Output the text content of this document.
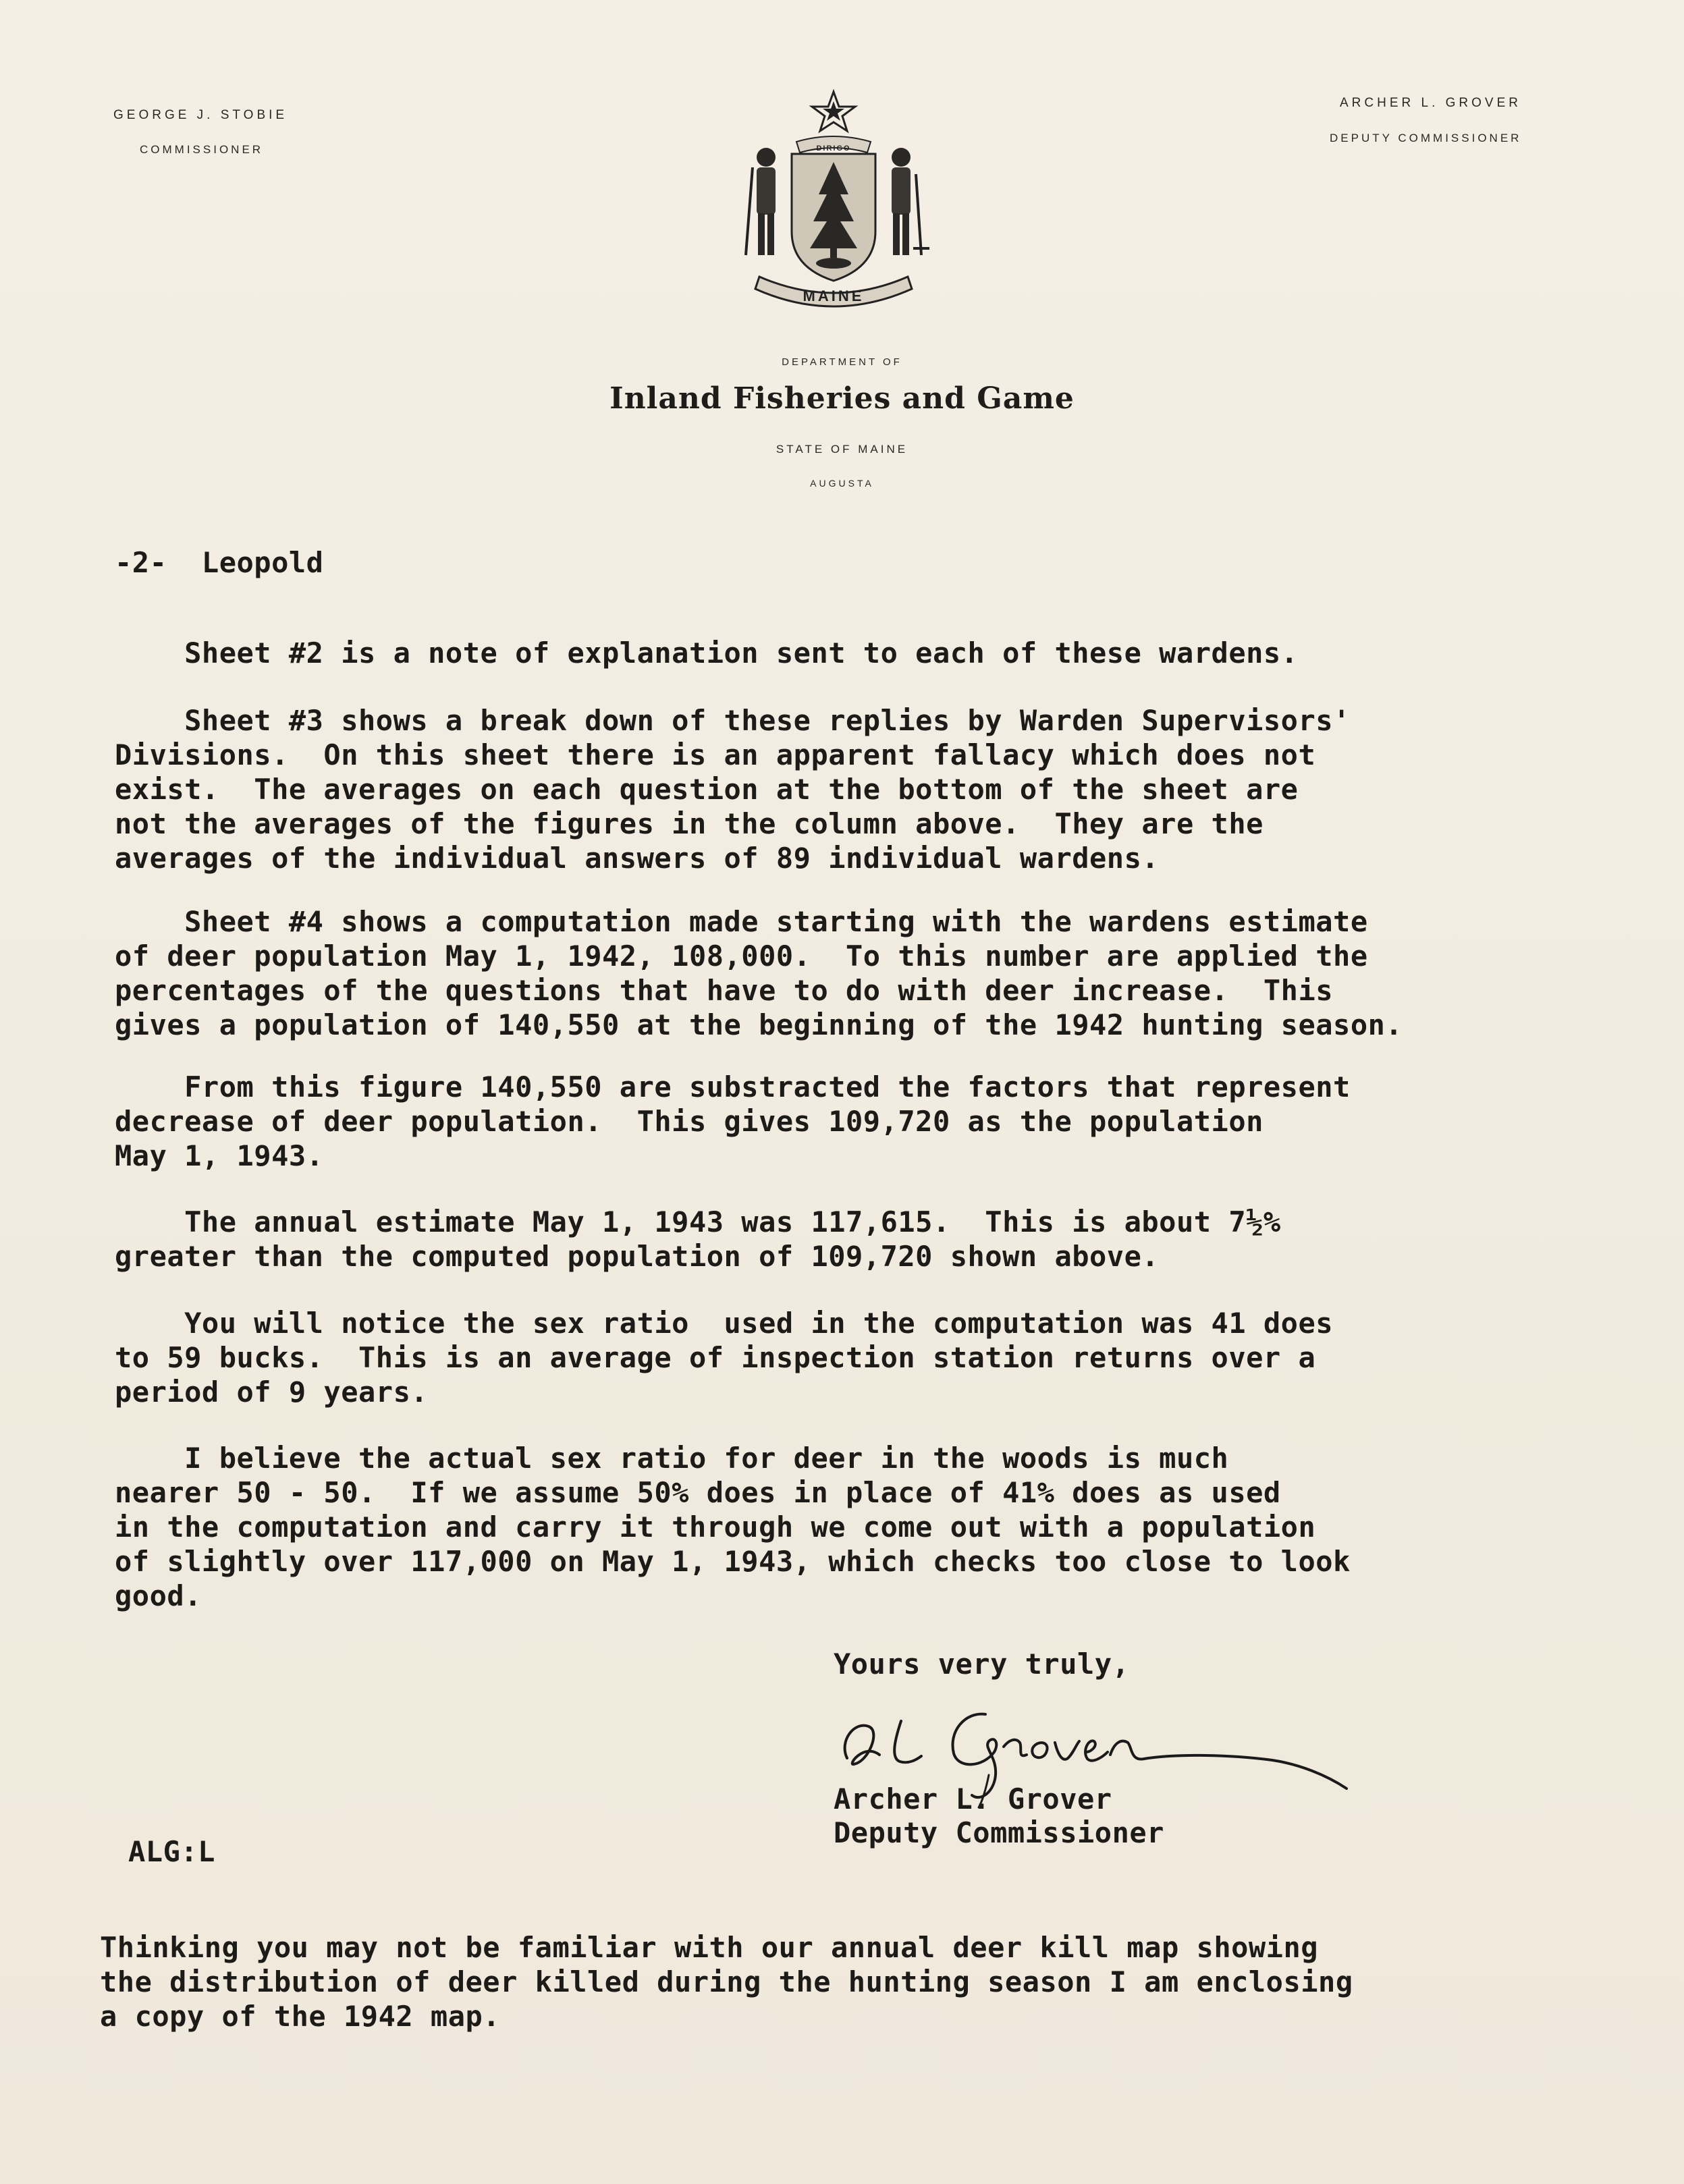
GEORGE J. STOBIE
COMMISSIONER
ARCHER L. GROVER
DEPUTY COMMISSIONER
MAINE
DIRIGO
DEPARTMENT OF
Inland Fisheries and Game
STATE OF MAINE
AUGUSTA
-2-  Leopold
Sheet #2 is a note of explanation sent to each of these wardens.
Sheet #3 shows a break down of these replies by Warden Supervisors'
Divisions.  On this sheet there is an apparent fallacy which does not
exist.  The averages on each question at the bottom of the sheet are
not the averages of the figures in the column above.  They are the
averages of the individual answers of 89 individual wardens.
Sheet #4 shows a computation made starting with the wardens estimate
of deer population May 1, 1942, 108,000.  To this number are applied the
percentages of the questions that have to do with deer increase.  This
gives a population of 140,550 at the beginning of the 1942 hunting season.
From this figure 140,550 are substracted the factors that represent
decrease of deer population.  This gives 109,720 as the population
May 1, 1943.
The annual estimate May 1, 1943 was 117,615.  This is about 7½%
greater than the computed population of 109,720 shown above.
You will notice the sex ratio  used in the computation was 41 does
to 59 bucks.  This is an average of inspection station returns over a
period of 9 years.
I believe the actual sex ratio for deer in the woods is much
nearer 50 - 50.  If we assume 50% does in place of 41% does as used
in the computation and carry it through we come out with a population
of slightly over 117,000 on May 1, 1943, which checks too close to look
good.
Yours very truly,
Archer L. Grover
Deputy Commissioner
ALG:L
Thinking you may not be familiar with our annual deer kill map showing
the distribution of deer killed during the hunting season I am enclosing
a copy of the 1942 map.
